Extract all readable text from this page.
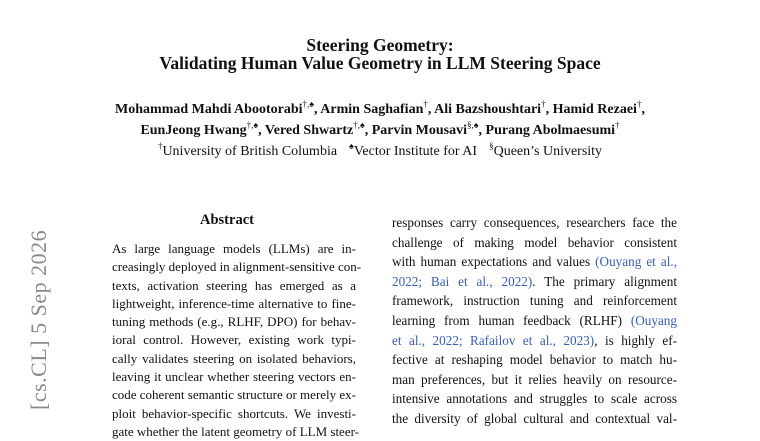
Steering Geometry:
Validating Human Value Geometry in LLM Steering Space
Mohammad Mahdi Abootorabi†,♠, Armin Saghafian†, Ali Bazshoushtari†, Hamid Rezaei†,
EunJeong Hwang†,♠, Vered Shwartz†,♠, Parvin Mousavi§,♠, Purang Abolmaesumi†
†University of British Columbia ♠Vector Institute for AI §Queen’s University
Abstract
As large language models (LLMs) are in-
creasingly deployed in alignment-sensitive con-
texts, activation steering has emerged as a
lightweight, inference-time alternative to fine-
tuning methods (e.g., RLHF, DPO) for behav-
ioral control. However, existing work typi-
cally validates steering on isolated behaviors,
leaving it unclear whether steering vectors en-
code coherent semantic structure or merely ex-
ploit behavior-specific shortcuts. We investi-
gate whether the latent geometry of LLM steer-
responses carry consequences, researchers face the
challenge of making model behavior consistent
with human expectations and values (Ouyang et al.,
2022; Bai et al., 2022). The primary alignment
framework, instruction tuning and reinforcement
learning from human feedback (RLHF) (Ouyang
et al., 2022; Rafailov et al., 2023), is highly ef-
fective at reshaping model behavior to match hu-
man preferences, but it relies heavily on resource-
intensive annotations and struggles to scale across
the diversity of global cultural and contextual val-
[cs.CL] 5 Sep 2026
